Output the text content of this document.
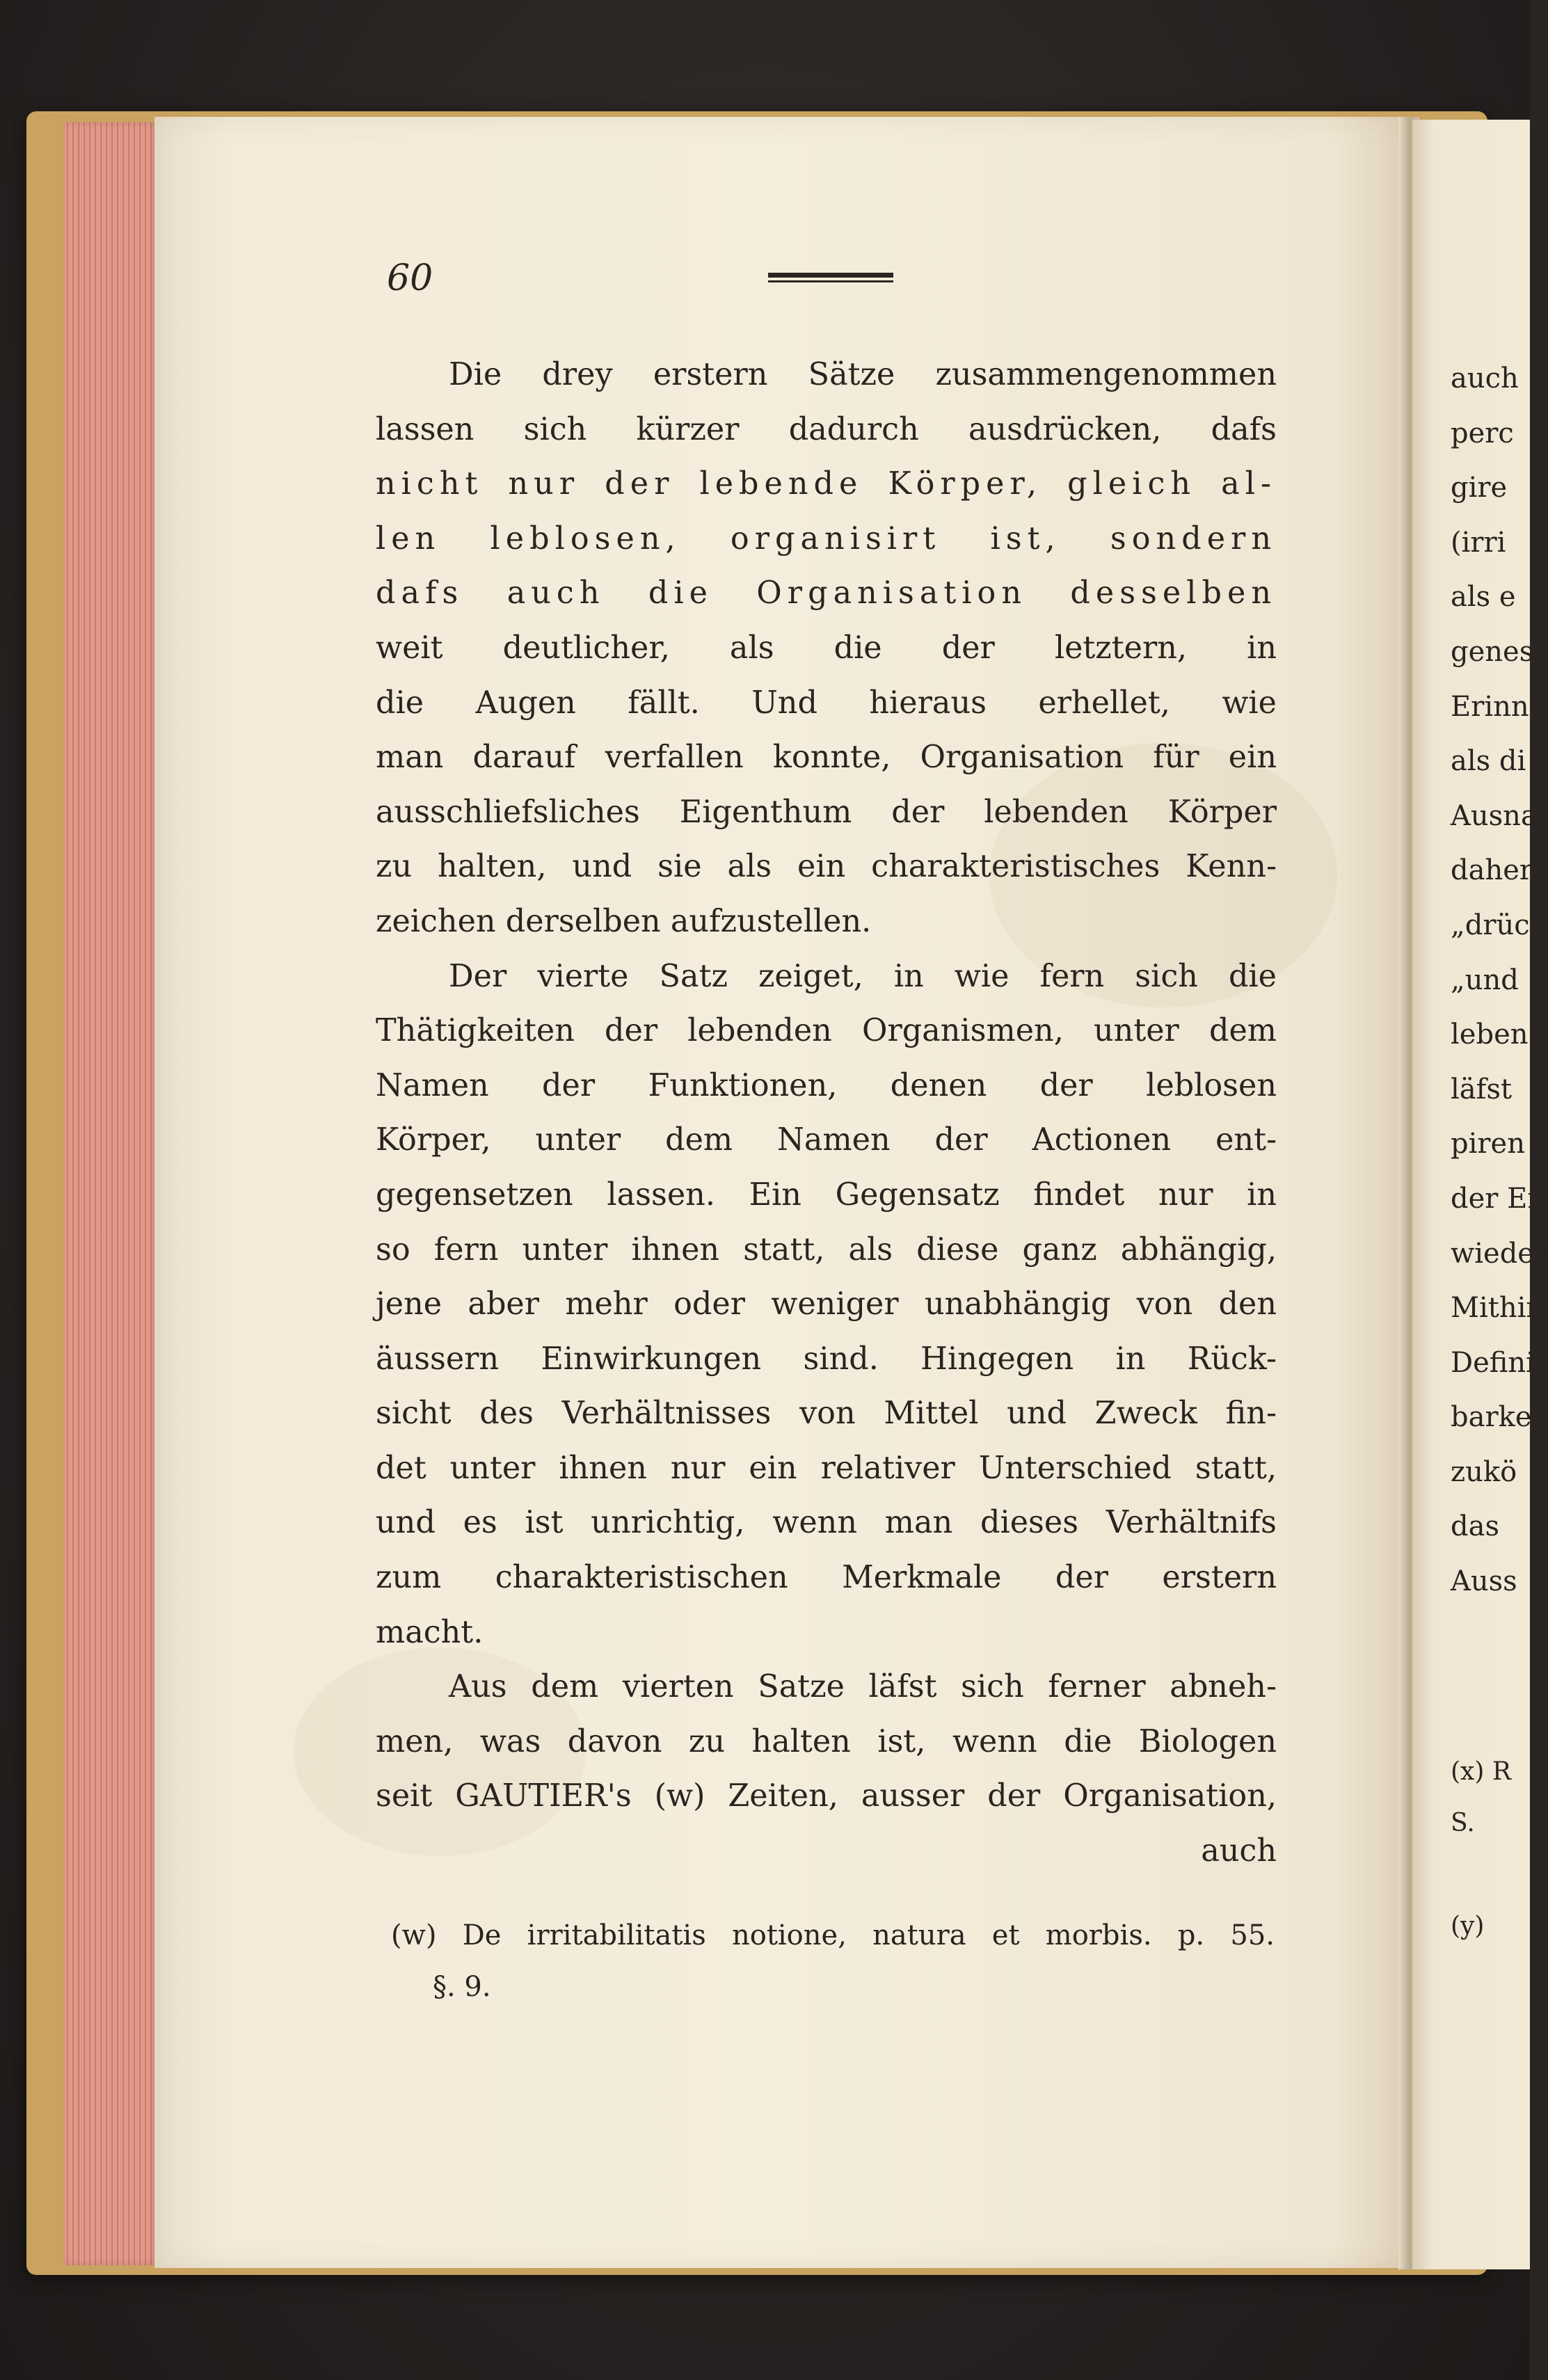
60
Die drey erstern Sätze zusammengenommen
lassen sich kürzer dadurch ausdrücken, dafs
nicht nur der lebende Körper, gleich al-
len leblosen, organisirt ist, sondern
dafs auch die Organisation desselben
weit deutlicher, als die der letztern, in
die Augen fällt. Und hieraus erhellet, wie
man darauf verfallen konnte, Organisation für ein
ausschliefsliches Eigenthum der lebenden Körper
zu halten, und sie als ein charakteristisches Kenn-
zeichen derselben aufzustellen.
Der vierte Satz zeiget, in wie fern sich die
Thätigkeiten der lebenden Organismen, unter dem
Namen der Funktionen, denen der leblosen
Körper, unter dem Namen der Actionen ent-
gegensetzen lassen. Ein Gegensatz findet nur in
so fern unter ihnen statt, als diese ganz abhängig,
jene aber mehr oder weniger unabhängig von den
äussern Einwirkungen sind. Hingegen in Rück-
sicht des Verhältnisses von Mittel und Zweck fin-
det unter ihnen nur ein relativer Unterschied statt,
und es ist unrichtig, wenn man dieses Verhältnifs
zum charakteristischen Merkmale der erstern
macht.
Aus dem vierten Satze läfst sich ferner abneh-
men, was davon zu halten ist, wenn die Biologen
seit GAUTIER's (w) Zeiten, ausser der Organisation,
auch
(w) De irritabilitatis notione, natura et morbis. p. 55.
§. 9.
auch
perc
gire
(irri
als e
genes
Erinne
als di
Ausna
daher
„drüc
„und
leben
läfst
piren
der Er
wieder
Mithin
Defini
barke
zukö
das
Auss
(x) R
S.
(y)
